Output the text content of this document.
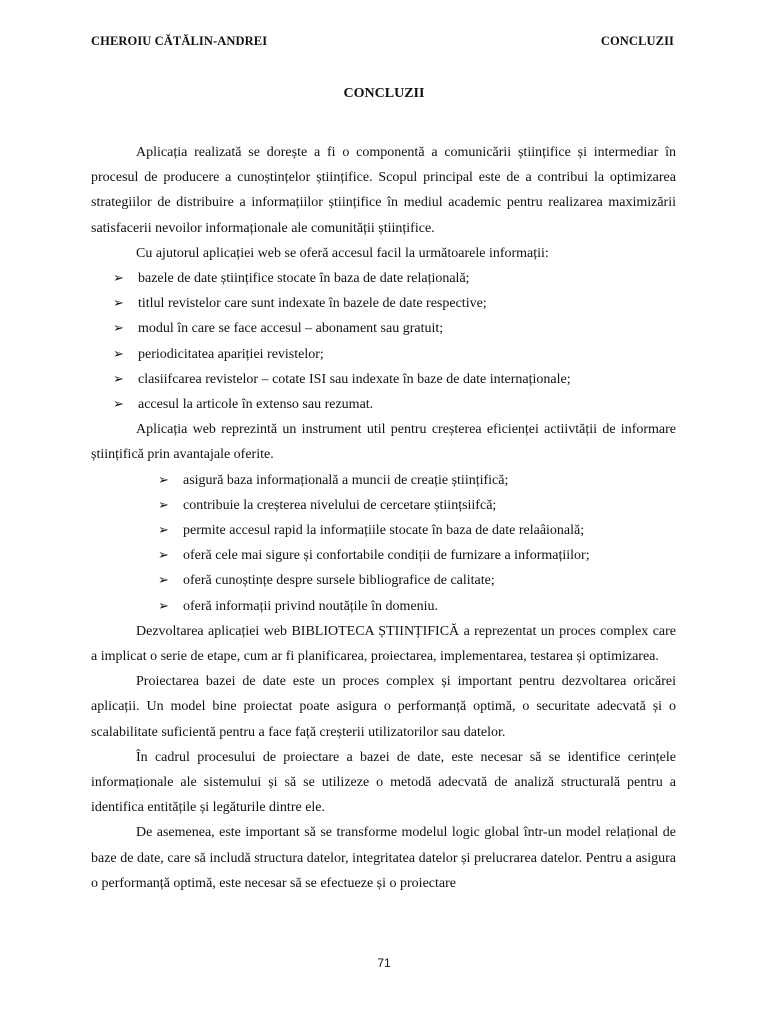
CHEROIU CĂTĂLIN-ANDREI	CONCLUZII
CONCLUZII

Aplicația realizată se dorește a fi o componentă a comunicării științifice și intermediar în procesul de producere a cunoștințelor științifice. Scopul principal este de a contribui la optimizarea strategiilor de distribuire a informațiilor științifice în mediul academic pentru realizarea maximizării satisfacerii nevoilor informaționale ale comunității științifice.

Cu ajutorul aplicației web se oferă accesul facil la următoarele informații:

➢ bazele de date științifice stocate în baza de date relațională;
➢ titlul revistelor care sunt indexate în bazele de date respective;
➢ modul în care se face accesul – abonament sau gratuit;
➢ periodicitatea apariției revistelor;
➢ clasiifcarea revistelor – cotate ISI sau indexate în baze de date internaționale;
➢ accesul la articole în extenso sau rezumat.

Aplicația web reprezintă un instrument util pentru creșterea eficienței actiivtății de informare științifică prin avantajale oferite.

➢ asigură baza informațională a muncii de creație științifică;
➢ contribuie la creșterea nivelului de cercetare științsiifcă;
➢ permite accesul rapid la informațiile stocate în baza de date relaâională;
➢ oferă cele mai sigure și confortabile condiții de furnizare a informațiilor;
➢ oferă cunoștințe despre sursele bibliografice de calitate;
➢ oferă informații privind noutățile în domeniu.

Dezvoltarea aplicației web BIBLIOTECA ȘTIINȚIFICĂ a reprezentat un proces complex care a implicat o serie de etape, cum ar fi planificarea, proiectarea, implementarea, testarea și optimizarea.

Proiectarea bazei de date este un proces complex și important pentru dezvoltarea oricărei aplicații. Un model bine proiectat poate asigura o performanță optimă, o securitate adecvată și o scalabilitate suficientă pentru a face față creșterii utilizatorilor sau datelor.

În cadrul procesului de proiectare a bazei de date, este necesar să se identifice cerințele informaționale ale sistemului și să se utilizeze o metodă adecvată de analiză structurală pentru a identifica entitățile și legăturile dintre ele.

De asemenea, este important să se transforme modelul logic global într-un model relațional de baze de date, care să includă structura datelor, integritatea datelor și prelucrarea datelor. Pentru a asigura o performanță optimă, este necesar să se efectueze și o proiectare

71
